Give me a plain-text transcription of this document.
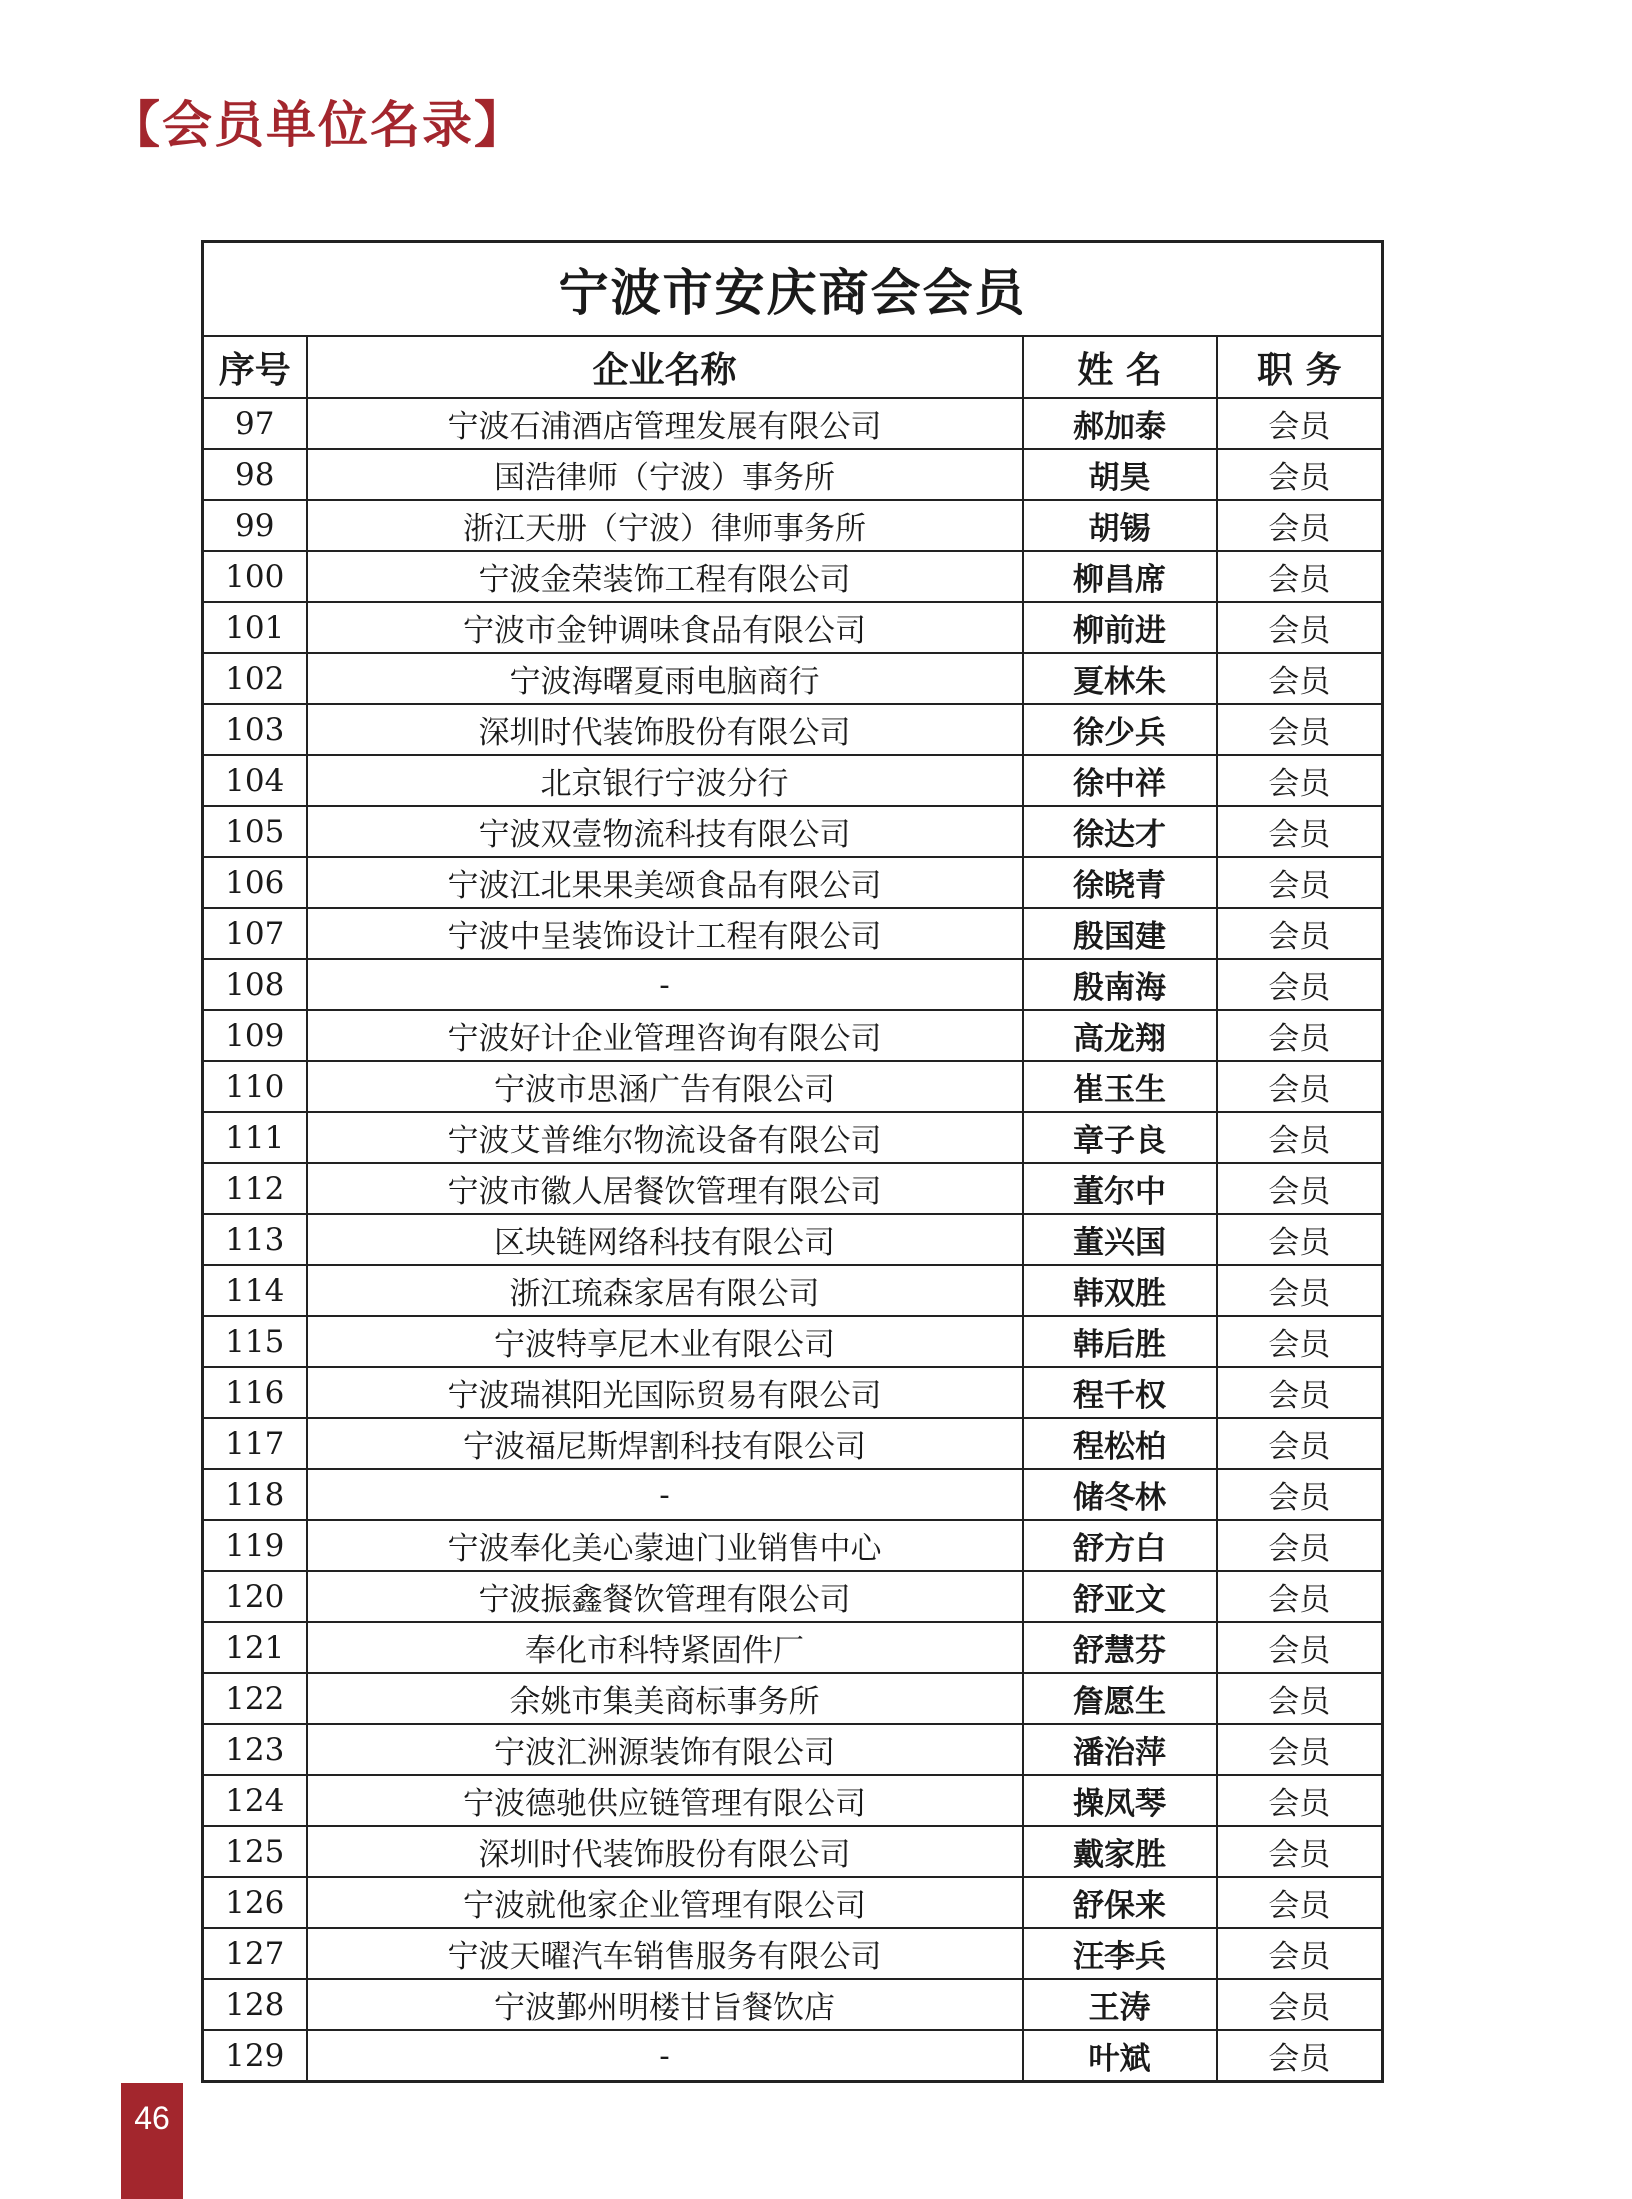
【会员单位名录】
宁波市安庆商会会员			
序号	企业名称	姓 名	职 务
97	宁波石浦酒店管理发展有限公司	郝加泰	会员
98	国浩律师（宁波）事务所	胡昊	会员
99	浙江天册（宁波）律师事务所	胡锡	会员
100	宁波金荣装饰工程有限公司	柳昌席	会员
101	宁波市金钟调味食品有限公司	柳前进	会员
102	宁波海曙夏雨电脑商行	夏林朱	会员
103	深圳时代装饰股份有限公司	徐少兵	会员
104	北京银行宁波分行	徐中祥	会员
105	宁波双壹物流科技有限公司	徐达才	会员
106	宁波江北果果美颂食品有限公司	徐晓青	会员
107	宁波中呈装饰设计工程有限公司	殷国建	会员
108	-	殷南海	会员
109	宁波好计企业管理咨询有限公司	高龙翔	会员
110	宁波市思涵广告有限公司	崔玉生	会员
111	宁波艾普维尔物流设备有限公司	章子良	会员
112	宁波市徽人居餐饮管理有限公司	董尔中	会员
113	区块链网络科技有限公司	董兴国	会员
114	浙江琉森家居有限公司	韩双胜	会员
115	宁波特享尼木业有限公司	韩后胜	会员
116	宁波瑞祺阳光国际贸易有限公司	程千权	会员
117	宁波福尼斯焊割科技有限公司	程松柏	会员
118	-	储冬林	会员
119	宁波奉化美心蒙迪门业销售中心	舒方白	会员
120	宁波振鑫餐饮管理有限公司	舒亚文	会员
121	奉化市科特紧固件厂	舒慧芬	会员
122	余姚市集美商标事务所	詹愿生	会员
123	宁波汇洲源装饰有限公司	潘治萍	会员
124	宁波德驰供应链管理有限公司	操凤琴	会员
125	深圳时代装饰股份有限公司	戴家胜	会员
126	宁波就他家企业管理有限公司	舒保来	会员
127	宁波天曜汽车销售服务有限公司	汪李兵	会员
128	宁波鄞州明楼甘旨餐饮店	王涛	会员
129	-	叶斌	会员
46
